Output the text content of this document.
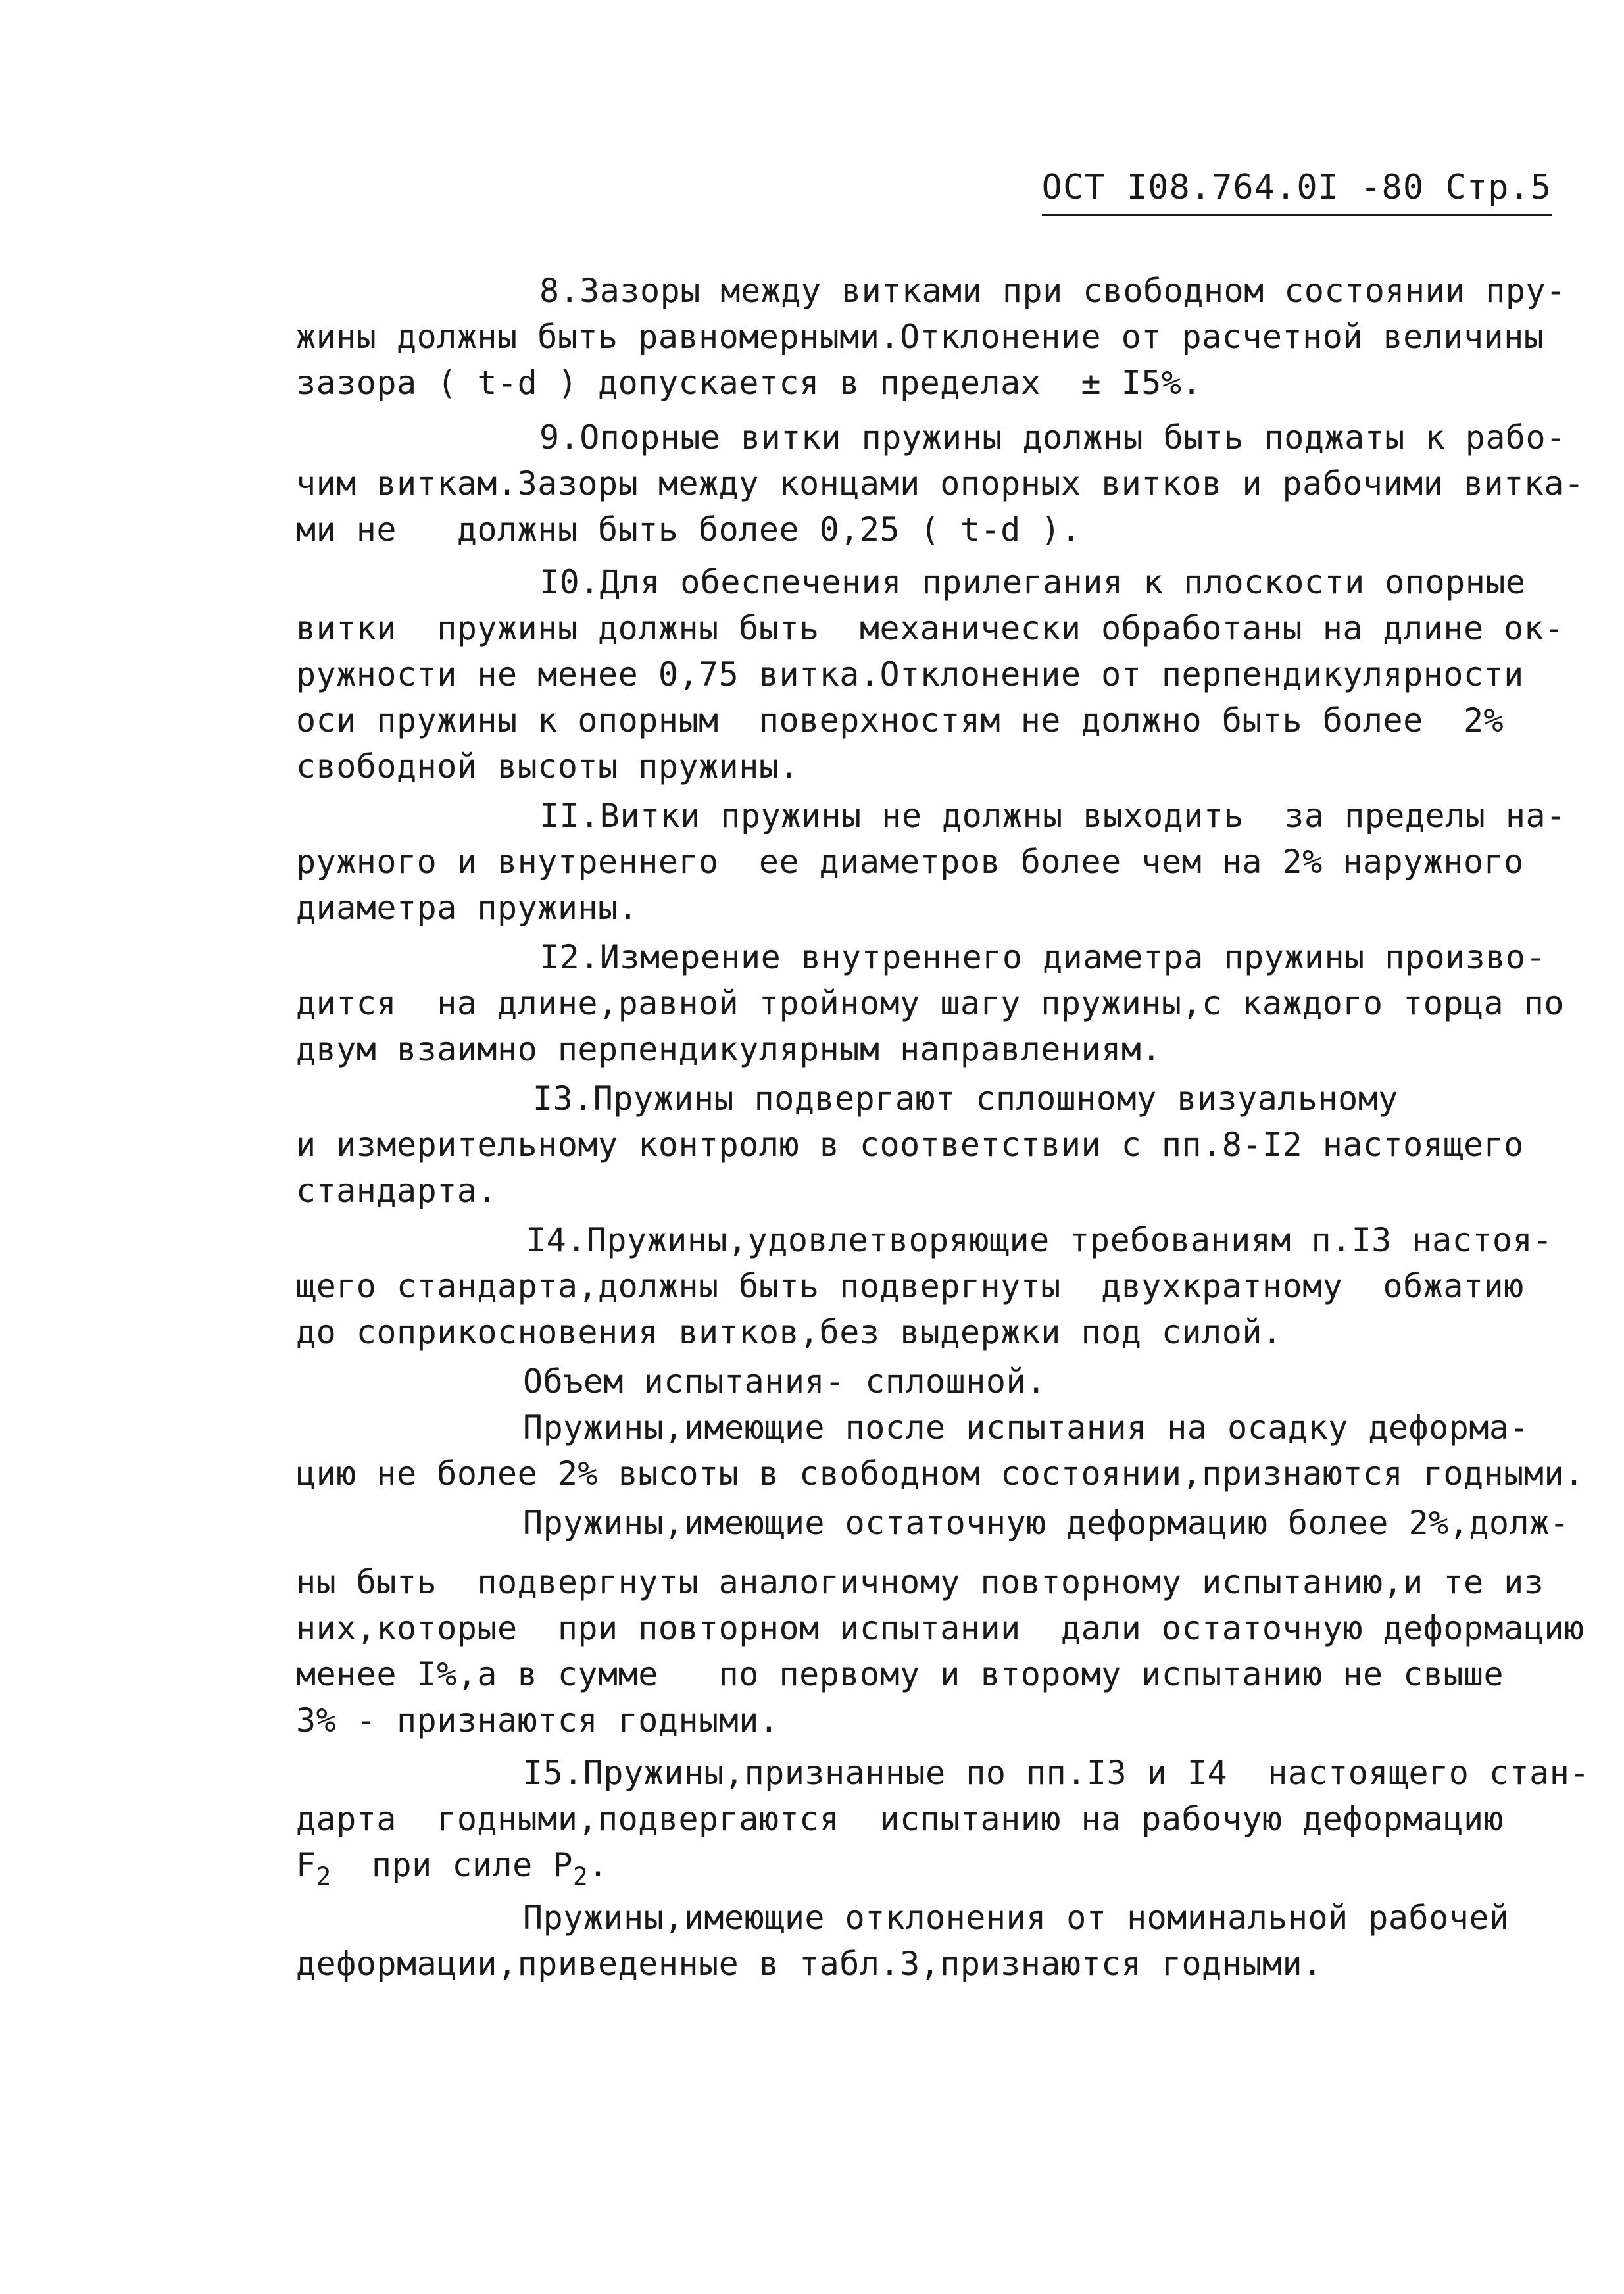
ОСТ I08.764.0I -80 Стр.5
8.Зазоры между витками при свободном состоянии пру-
жины должны быть равномерными.Отклонение от расчетной величины
зазора ( t-d ) допускается в пределах  ± I5%.
9.Опорные витки пружины должны быть поджаты к рабо-
чим виткам.Зазоры между концами опорных витков и рабочими витка-
ми не   должны быть более 0,25 ( t-d ).
I0.Для обеспечения прилегания к плоскости опорные
витки  пружины должны быть  механически обработаны на длине ок-
ружности не менее 0,75 витка.Отклонение от перпендикулярности
оси пружины к опорным  поверхностям не должно быть более  2%
свободной высоты пружины.
II.Витки пружины не должны выходить  за пределы на-
ружного и внутреннего  ее диаметров более чем на 2% наружного
диаметра пружины.
I2.Измерение внутреннего диаметра пружины произво-
дится  на длине,равной тройному шагу пружины,с каждого торца по
двум взаимно перпендикулярным направлениям.
I3.Пружины подвергают сплошному визуальному
и измерительному контролю в соответствии с пп.8-I2 настоящего
стандарта.
I4.Пружины,удовлетворяющие требованиям п.I3 настоя-
щего стандарта,должны быть подвергнуты  двухкратному  обжатию
до соприкосновения витков,без выдержки под силой.
Объем испытания- сплошной.
Пружины,имеющие после испытания на осадку деформа-
цию не более 2% высоты в свободном состоянии,признаются годными.
Пружины,имеющие остаточную деформацию более 2%,долж-
ны быть  подвергнуты аналогичному повторному испытанию,и те из
них,которые  при повторном испытании  дали остаточную деформацию
менее I%,а в сумме   по первому и второму испытанию не свыше
3% - признаются годными.
I5.Пружины,признанные по пп.I3 и I4  настоящего стан-
дарта  годными,подвергаются  испытанию на рабочую деформацию
$F_2$ при силе $P_2$.
Пружины,имеющие отклонения от номинальной рабочей
деформации,приведенные в табл.3,признаются годными.
